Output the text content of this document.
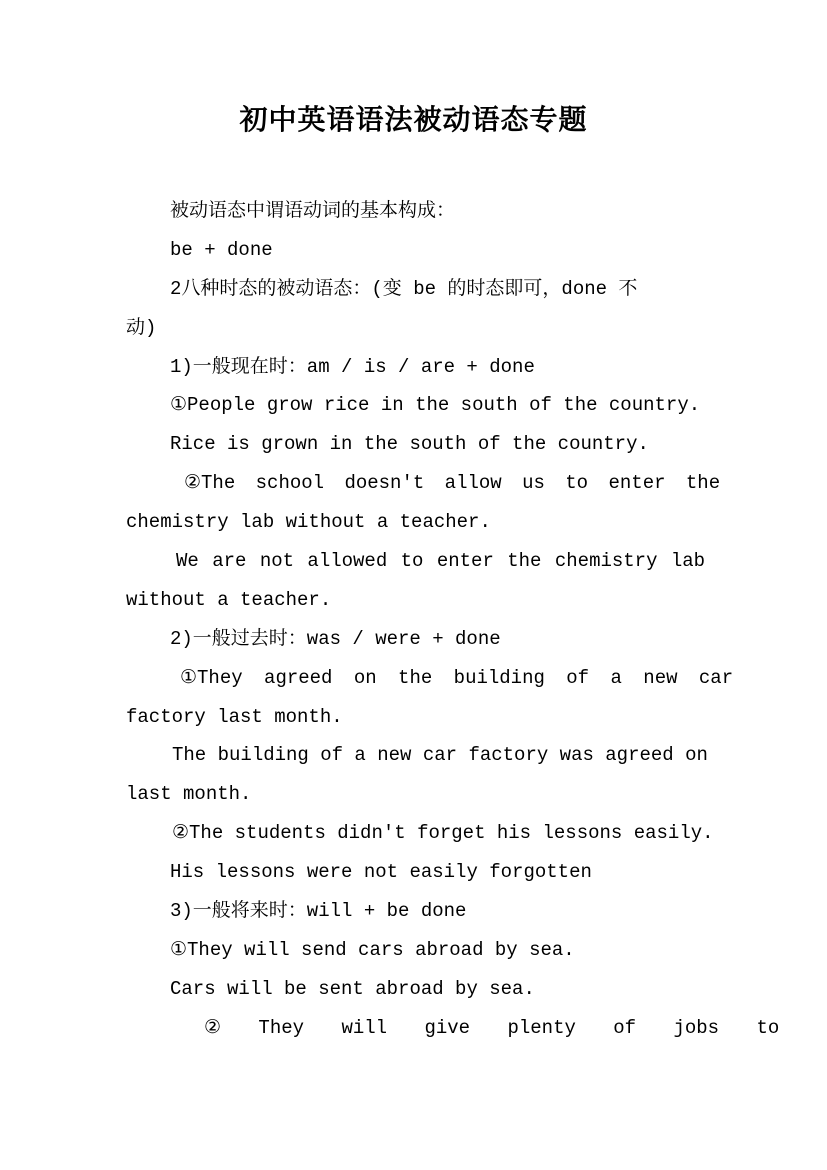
初中英语语法被动语态专题
被动语态中谓语动词的基本构成：
be + done
2八种时态的被动语态：(变 be 的时态即可，done 不
动)
1)一般现在时：am / is / are + done
①People grow rice in the south of the country.
Rice is grown in the south of the country.
②The school doesn't allow us to enter the
chemistry lab without a teacher.
We are not allowed to enter the chemistry lab
without a teacher.
2)一般过去时：was / were + done
①They agreed on the building of a new car
factory last month.
The building of a new car factory was agreed on
last month.
②The students didn't forget his lessons easily.
His lessons were not easily forgotten
3)一般将来时：will + be done
①They will send cars abroad by sea.
Cars will be sent abroad by sea.
② They will give plenty of jobs to
